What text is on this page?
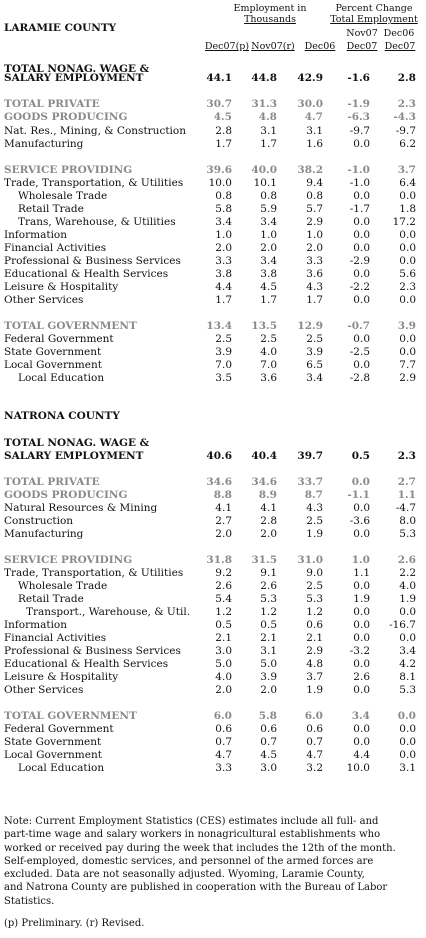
Employment in
Thousands
Percent Change
Total Employment
Nov07 Dec06
LARAMIE COUNTY
Dec07(p) Nov07(r)	Dec06	Dec07 Dec07
TOTAL NONAG. WAGE &
SALARY EMPLOYMENT	44.1	44.8	42.9	-1.6	2.8
TOTAL PRIVATE	30.7	31.3	30.0	-1.9	2.3
GOODS PRODUCING	4.5	4.8	4.7	-6.3	-4.3
Nat. Res., Mining, & Construction	2.8	3.1	3.1	-9.7	-9.7
Manufacturing	1.7	1.7	1.6	0.0	6.2
SERVICE PROVIDING	39.6	40.0	38.2	-1.0	3.7
Trade, Transportation, & Utilities	10.0	10.1	9.4	-1.0	6.4
Wholesale Trade	0.8	0.8	0.8	0.0	0.0
Retail Trade	5.8	5.9	5.7	-1.7	1.8
Trans, Warehouse, & Utilities	3.4	3.4	2.9	0.0	17.2
Information	1.0	1.0	1.0	0.0	0.0
Financial Activities	2.0	2.0	2.0	0.0	0.0
Professional & Business Services	3.3	3.4	3.3	-2.9	0.0
Educational & Health Services	3.8	3.8	3.6	0.0	5.6
Leisure & Hospitality	4.4	4.5	4.3	-2.2	2.3
Other Services	1.7	1.7	1.7	0.0	0.0
TOTAL GOVERNMENT	13.4	13.5	12.9	-0.7	3.9
Federal Government	2.5	2.5	2.5	0.0	0.0
State Government	3.9	4.0	3.9	-2.5	0.0
Local Government	7.0	7.0	6.5	0.0	7.7
Local Education	3.5	3.6	3.4	-2.8	2.9
NATRONA COUNTY
TOTAL NONAG. WAGE &
SALARY EMPLOYMENT	40.6	40.4	39.7	0.5	2.3
TOTAL PRIVATE	34.6	34.6	33.7	0.0	2.7
GOODS PRODUCING	8.8	8.9	8.7	-1.1	1.1
Natural Resources & Mining	4.1	4.1	4.3	0.0	-4.7
Construction	2.7	2.8	2.5	-3.6	8.0
Manufacturing	2.0	2.0	1.9	0.0	5.3
SERVICE PROVIDING	31.8	31.5	31.0	1.0	2.6
Trade, Transportation, & Utilities	9.2	9.1	9.0	1.1	2.2
Wholesale Trade	2.6	2.6	2.5	0.0	4.0
Retail Trade	5.4	5.3	5.3	1.9	1.9
Transport., Warehouse, & Util.	1.2	1.2	1.2	0.0	0.0
Information	0.5	0.5	0.6	0.0	-16.7
Financial Activities	2.1	2.1	2.1	0.0	0.0
Professional & Business Services	3.0	3.1	2.9	-3.2	3.4
Educational & Health Services	5.0	5.0	4.8	0.0	4.2
Leisure & Hospitality	4.0	3.9	3.7	2.6	8.1
Other Services	2.0	2.0	1.9	0.0	5.3
TOTAL GOVERNMENT	6.0	5.8	6.0	3.4	0.0
Federal Government	0.6	0.6	0.6	0.0	0.0
State Government	0.7	0.7	0.7	0.0	0.0
Local Government	4.7	4.5	4.7	4.4	0.0
Local Education	3.3	3.0	3.2	10.0	3.1
Note: Current Employment Statistics (CES) estimates include all full- and
part-time wage and salary workers in nonagricultural establishments who
worked or received pay during the week that includes the 12th of the month.
Self-employed, domestic services, and personnel of the armed forces are
excluded. Data are not seasonally adjusted. Wyoming, Laramie County,
and Natrona County are published in cooperation with the Bureau of Labor
Statistics.
(p) Preliminary. (r) Revised.
